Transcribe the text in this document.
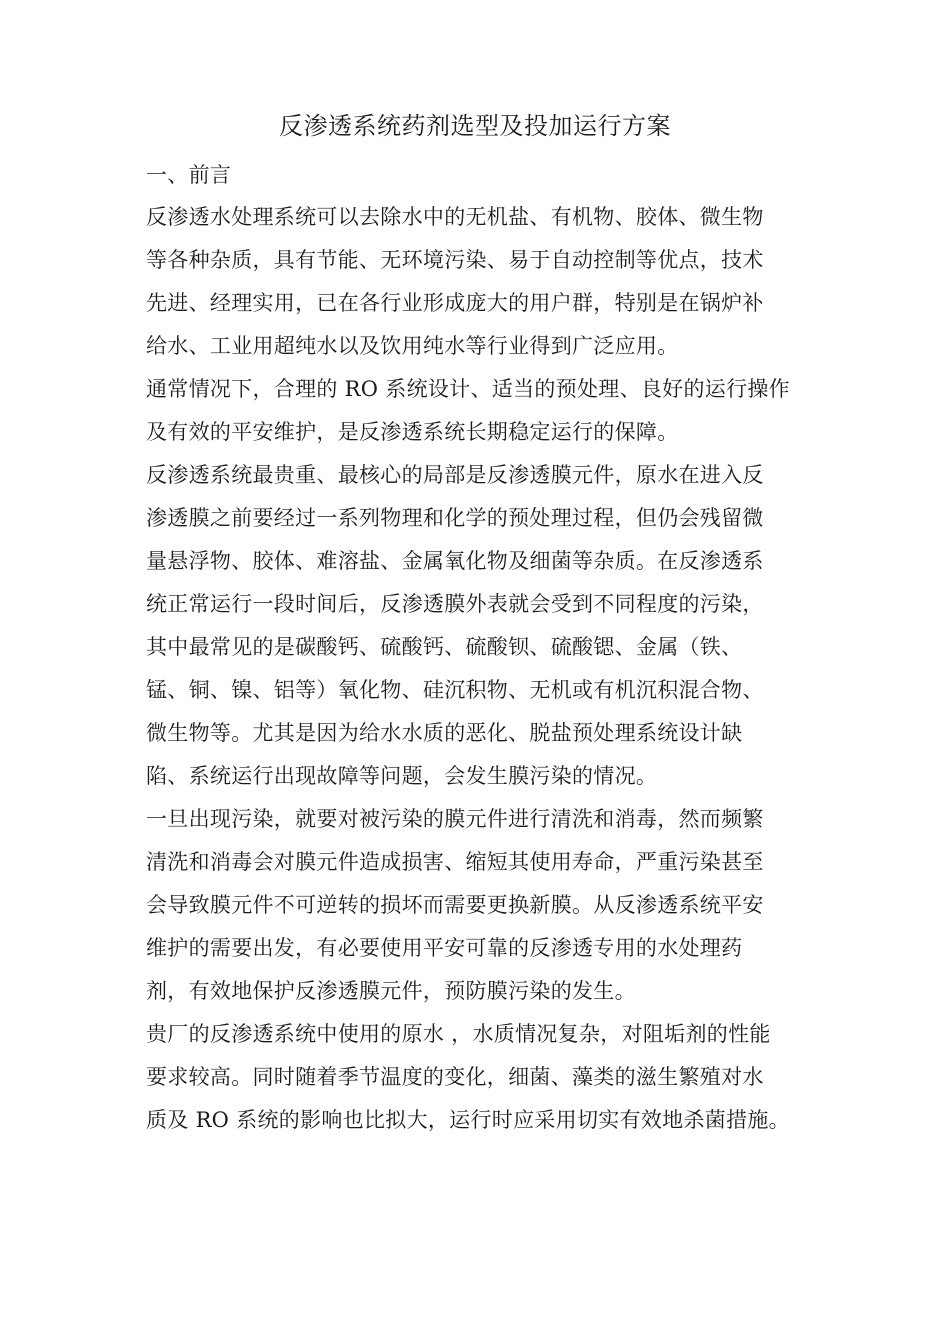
反渗透系统药剂选型及投加运行方案
一、前言
反渗透水处理系统可以去除水中的无机盐、有机物、胶体、微生物
等各种杂质，具有节能、无环境污染、易于自动控制等优点，技术
先进、经理实用，已在各行业形成庞大的用户群，特别是在锅炉补
给水、工业用超纯水以及饮用纯水等行业得到广泛应用。
通常情况下，合理的 RO 系统设计、适当的预处理、良好的运行操作
及有效的平安维护，是反渗透系统长期稳定运行的保障。
反渗透系统最贵重、最核心的局部是反渗透膜元件，原水在进入反
渗透膜之前要经过一系列物理和化学的预处理过程，但仍会残留微
量悬浮物、胶体、难溶盐、金属氧化物及细菌等杂质。在反渗透系
统正常运行一段时间后，反渗透膜外表就会受到不同程度的污染，
其中最常见的是碳酸钙、硫酸钙、硫酸钡、硫酸锶、金属（铁、
锰、铜、镍、铝等）氧化物、硅沉积物、无机或有机沉积混合物、
微生物等。尤其是因为给水水质的恶化、脱盐预处理系统设计缺
陷、系统运行出现故障等问题，会发生膜污染的情况。
一旦出现污染，就要对被污染的膜元件进行清洗和消毒，然而频繁
清洗和消毒会对膜元件造成损害、缩短其使用寿命，严重污染甚至
会导致膜元件不可逆转的损坏而需要更换新膜。从反渗透系统平安
维护的需要出发，有必要使用平安可靠的反渗透专用的水处理药
剂，有效地保护反渗透膜元件，预防膜污染的发生。
贵厂的反渗透系统中使用的原水 ，水质情况复杂，对阻垢剂的性能
要求较高。同时随着季节温度的变化，细菌、藻类的滋生繁殖对水
质及 RO 系统的影响也比拟大，运行时应采用切实有效地杀菌措施。
